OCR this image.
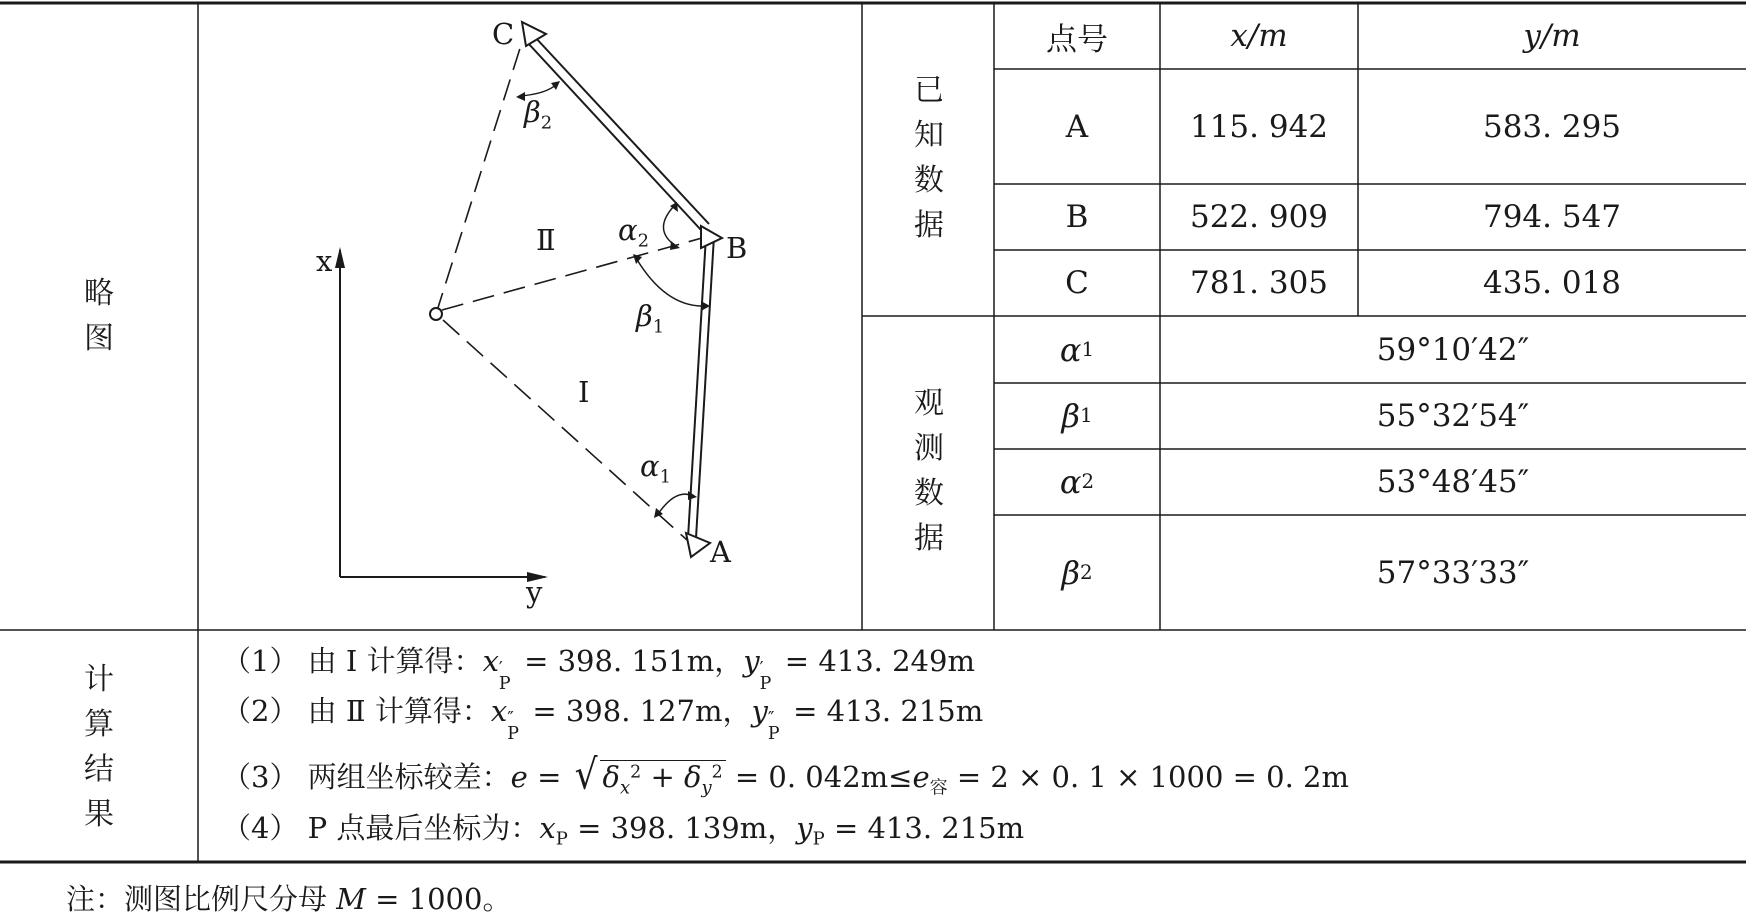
x
y
A
B
C
Ⅰ
Ⅱ
$\alpha_1$
$\beta_1$
$\alpha_2$
$\beta_2$
略图
已知数据
观测数据
计算结果
点号	x/m	y/m
A	115. 942	583. 295
B	522. 909	794. 547
C	781. 305	435. 018
α 1	59°10′42″
β 1	55°32′54″
α 2	53°48′45″
β 2	57°33′33″
（1） 由 Ⅰ 计算得：x ′
P
= 398. 151m，y ′
P
= 413. 249m
（2） 由 Ⅱ 计算得：x ″
P
= 398. 127m，y ″
P
= 413. 215m
（3） 两组坐标较差：e = √ $\delta_x^2 + \delta_y^2 = 0$. $042m\le e_容 = 2 \times 0$. 1 × 1000 = 0. 2m
（4） P 点最后坐标为：$x_P = 398$. 139m，$y_P = 413$. 215m
注：测图比例尺分母 M = 1000。
